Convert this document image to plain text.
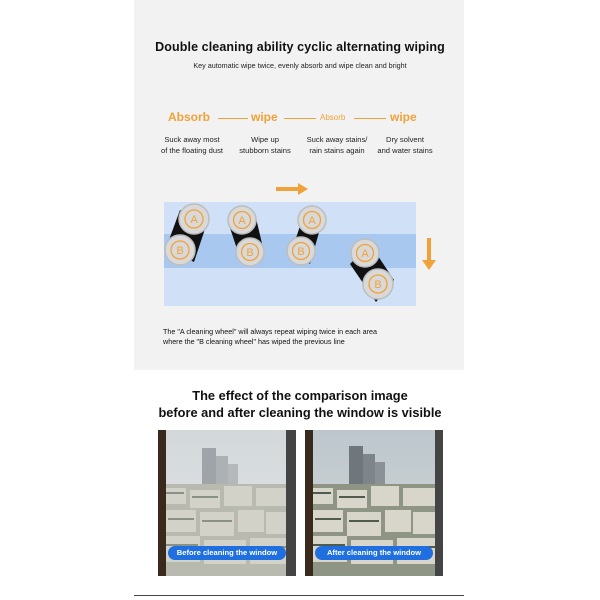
Double cleaning ability cyclic alternating wiping
Key automatic wipe twice, evenly absorb and wipe clean and bright
Absorb	wipe	Absorb	wipe
Suck away most
of the floating dust
Wipe up
stubborn stains
Suck away stains/
rain stains again
Dry solvent
and water stains
A
B
A
B
A
B	A
B
The "A cleaning wheel" will always repeat wiping twice in each area
where the "B cleaning wheel" has wiped the previous line
The effect of the comparison image
before and after cleaning the window is visible
Before cleaning the window	After cleaning the window
